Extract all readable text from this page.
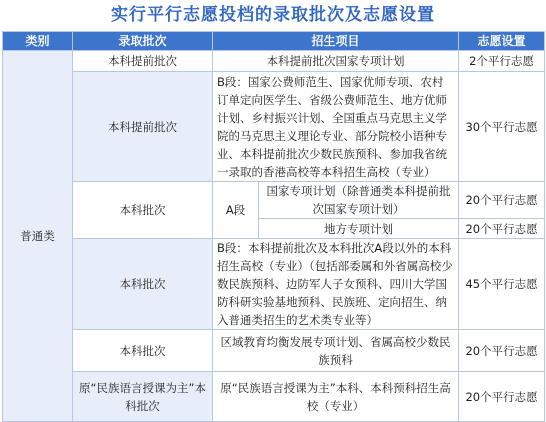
实行平行志愿投档的录取批次及志愿设置
类别	录取批次	招生项目		志愿设置
普通类	本科提前批次	本科提前批次国家专项计划		2个平行志愿
	本科提前批次	B段：国家公费师范生、国家优师专项、农村订单定向医学生、省级公费师范生、地方优师计划、乡村振兴计划、全国重点马克思主义学院的马克思主义理论专业、部分院校小语种专业、本科提前批次少数民族预科、参加我省统一录取的香港高校等本科招生高校（专业）		30个平行志愿
	本科批次	A段	国家专项计划（除普通类本科提前批次国家专项计划）	20个平行志愿
			地方专项计划	20个平行志愿
	本科批次	B段：本科提前批次及本科批次A段以外的本科招生高校（专业）（包括部委属和外省属高校少数民族预科、边防军人子女预科、四川大学国防科研实验基地预科、民族班、定向招生、纳入普通类招生的艺术类专业等）		45个平行志愿
	本科批次	区域教育均衡发展专项计划、省属高校少数民族预科		20个平行志愿
	原“民族语言授课为主”本科批次	原“民族语言授课为主”本科、本科预科招生高校（专业）		20个平行志愿
